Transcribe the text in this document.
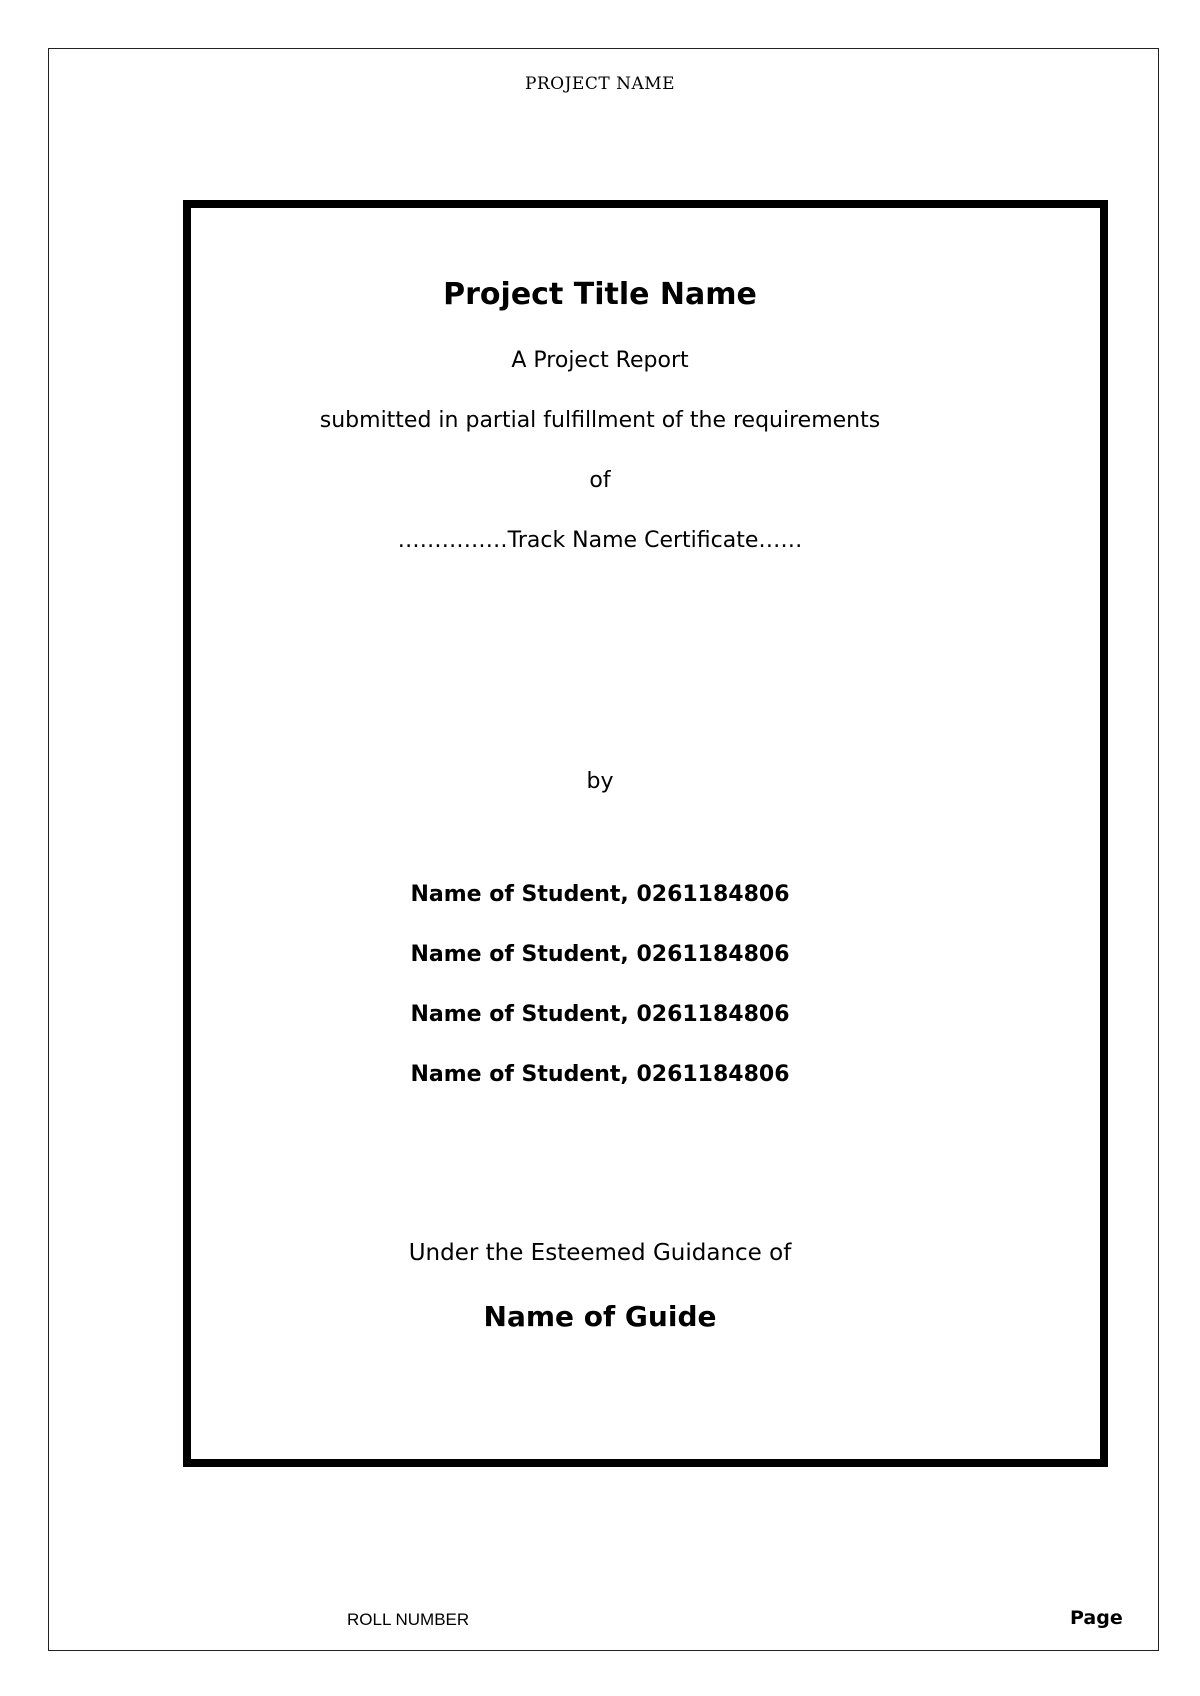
PROJECT NAME
Project Title Name
A Project Report
submitted in partial fulfillment of the requirements
of
……………Track Name Certificate……
by
Name of Student, 0261184806
Name of Student, 0261184806
Name of Student, 0261184806
Name of Student, 0261184806
Under the Esteemed Guidance of
Name of Guide
ROLL NUMBER	Page
